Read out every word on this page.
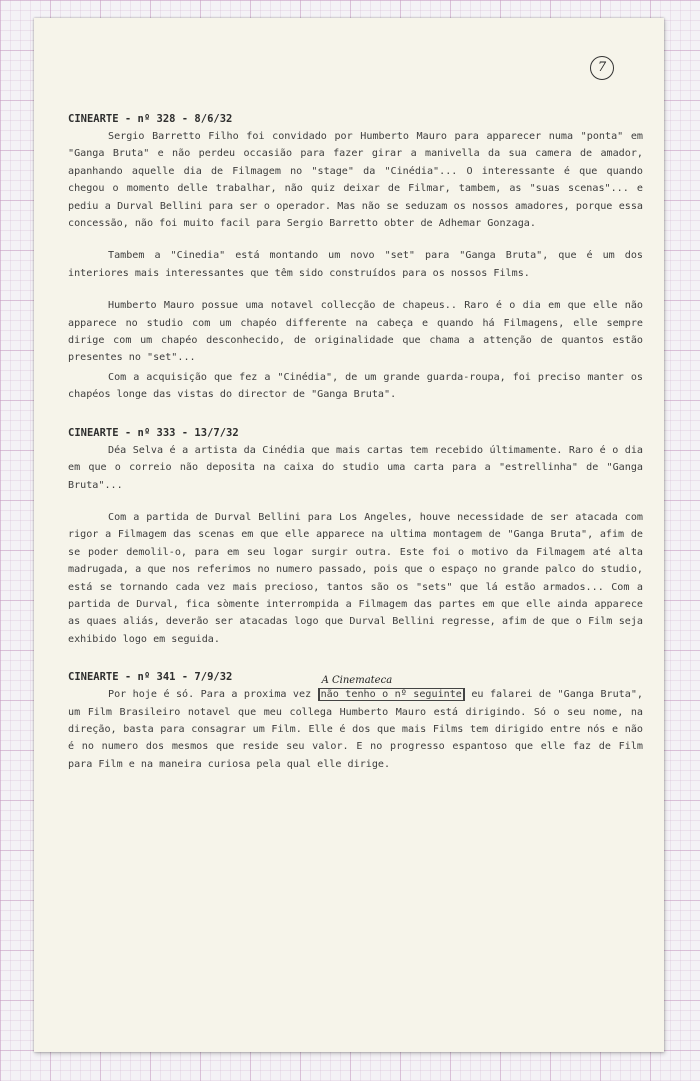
7
CINEARTE - nº 328 - 8/6/32

Sergio Barretto Filho foi convidado por Humberto Mauro para apparecer numa "ponta" em "Ganga Bruta" e não perdeu occasião para fazer girar a manivella da sua camera de amador, apanhando aquelle dia de Filmagem no "stage" da "Cinédia"... O interessante é que quando chegou o momento delle trabalhar, não quiz deixar de Filmar, tambem, as "suas scenas"... e pediu a Durval Bellini para ser o operador. Mas não se seduzam os nossos amadores, porque essa concessão, não foi muito facil para Sergio Barretto obter de Adhemar Gonzaga.

Tambem a "Cinedia" está montando um novo "set" para "Ganga Bruta", que é um dos interiores mais interessantes que têm sido construídos para os nossos Films.

Humberto Mauro possue uma notavel collecção de chapeus.. Raro é o dia em que elle não apparece no studio com um chapéo differente na cabeça e quando há Filmagens, elle sempre dirige com um chapéo desconhecido, de originalidade que chama a attenção de quantos estão presentes no "set"...

Com a acquisição que fez a "Cinédia", de um grande guarda-roupa, foi preciso manter os chapéos longe das vistas do director de "Ganga Bruta".

CINEARTE - nº 333 - 13/7/32

Déa Selva é a artista da Cinédia que mais cartas tem recebido últimamente. Raro é o dia em que o correio não deposita na caixa do studio uma carta para a "estrellinha" de "Ganga Bruta"...

Com a partida de Durval Bellini para Los Angeles, houve necessidade de ser atacada com rigor a Filmagem das scenas em que elle apparece na ultima montagem de "Ganga Bruta", afim de se poder demolil-o, para em seu logar surgir outra. Este foi o motivo da Filmagem até alta madrugada, a que nos referimos no numero passado, pois que o espaço no grande palco do studio, está se tornando cada vez mais precioso, tantos são os "sets" que lá estão armados... Com a partida de Durval, fica sòmente interrompida a Filmagem das partes em que elle ainda apparece as quaes aliás, deverão ser atacadas logo que Durval Bellini regresse, afim de que o Film seja exhibido logo em seguida.

CINEARTE - nº 341 - 7/9/32

Por hoje é só. Para a proxima vez
A Cinemateca
não tenho o nº seguinte eu falarei de "Ganga Bruta", um Film Brasileiro notavel que meu collega Humberto Mauro está dirigindo. Só o seu nome, na direção, basta para consagrar um Film. Elle é dos que mais Films tem dirigido entre nós e não é no numero dos mesmos que reside seu valor. E no progresso espantoso que elle faz de Film para Film e na maneira curiosa pela qual elle dirige.
